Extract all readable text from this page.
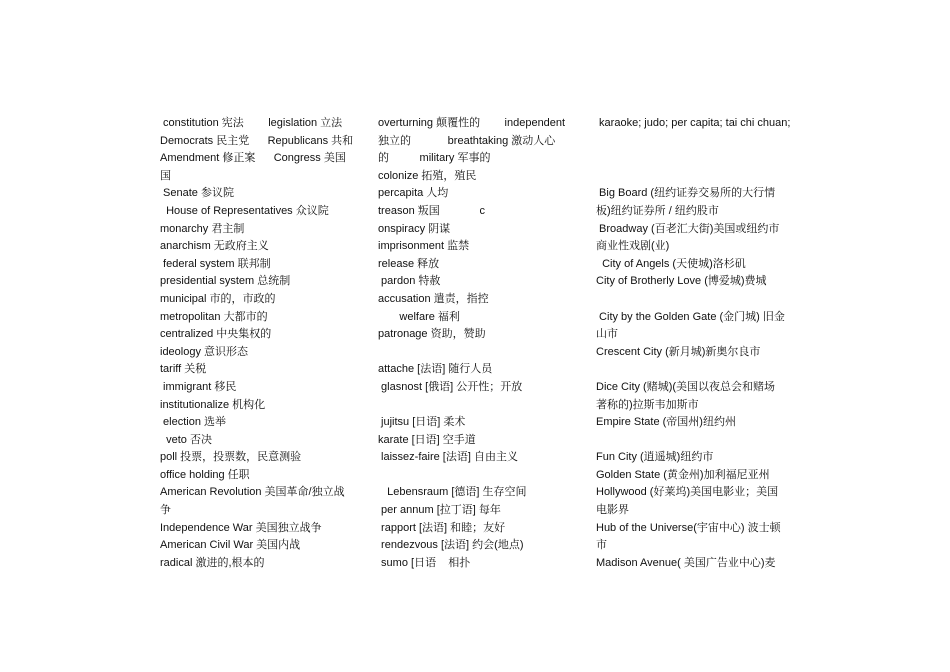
constitution 宪法        legislation 立法
Democrats 民主党      Republicans 共和
Amendment 修正案      Congress 美国
国
Senate 参议院
House of Representatives 众议院
monarchy 君主制
anarchism 无政府主义
federal system 联邦制
presidential system 总统制
municipal 市的，市政的
metropolitan 大都市的
centralized 中央集权的
ideology 意识形态
tariff 关税
immigrant 移民
institutionalize 机构化
election 选举
veto 否决
poll 投票，投票数，民意测验
office holding 任职
American Revolution 美国革命/独立战
争
Independence War 美国独立战争
American Civil War 美国内战
radical 激进的,根本的
overturning 颠覆性的        independent
独立的            breathtaking 激动人心
的          military 军事的
colonize 拓殖，殖民
percapita 人均
treason 叛国             c
onspiracy 阴谋
imprisonment 监禁
release 释放
pardon 特赦
accusation 遣责，指控
welfare 福利
patronage 资助，赞助

attache [法语] 随行人员
glasnost [俄语] 公开性；开放
jujitsu [日语] 柔术
karate [日语] 空手道
laissez-faire [法语] 自由主义
Lebensraum [德语] 生存空间
per annum [拉丁语] 每年
rapport [法语] 和睦；友好
rendezvous [法语] 约会(地点)
sumo [日语    相扑
karaoke; judo; per capita; tai chi chuan;

Big Board (纽约证券交易所的大行情
板)纽约证券所 / 纽约股市
Broadway (百老汇大街)美国或纽约市
商业性戏剧(业)
City of Angels (天使城)洛杉矶
City of Brotherly Love (博爱城)费城
City by the Golden Gate (金门城) 旧金
山市
Crescent City (新月城)新奥尔良市
Dice City (赌城)(美国以夜总会和赌场
著称的)拉斯韦加斯市
Empire State (帝国州)纽约州
Fun City (逍遥城)纽约市
Golden State (黄金州)加利福尼亚州
Hollywood (好莱坞)美国电影业；美国
电影界
Hub of the Universe(宇宙中心) 波士顿
市
Madison Avenue( 美国广告业中心)麦
